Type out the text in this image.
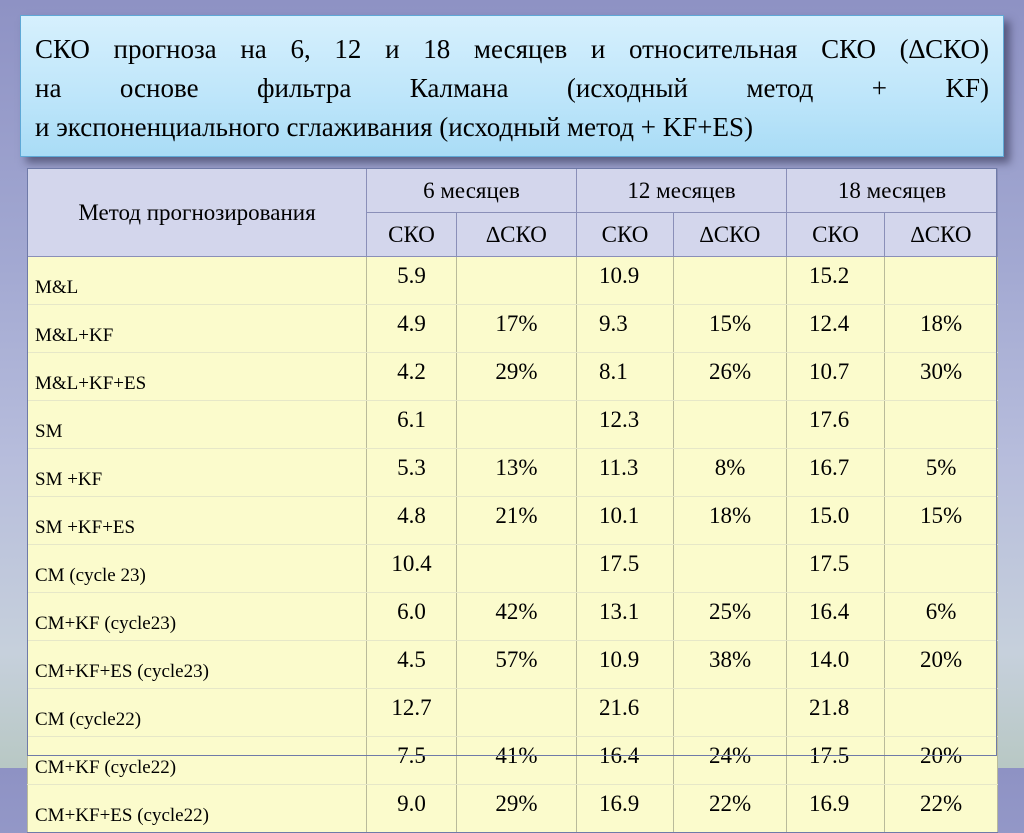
СКО прогноза на 6, 12 и 18 месяцев и относительная СКО (∆СКО)
на основе фильтра Калмана (исходный метод + KF)
и экспоненциального сглаживания (исходный метод + KF+ES)
Метод прогнозирования	6 месяцев		12 месяцев		18 месяцев	
	СКО	∆СКО	СКО	∆СКО	СКО	∆СКО
M&L	5.9		10.9		15.2	
M&L+KF	4.9	17%	9.3	15%	12.4	18%
M&L+KF+ES	4.2	29%	8.1	26%	10.7	30%
SM	6.1		12.3		17.6	
SM +KF	5.3	13%	11.3	8%	16.7	5%
SM +KF+ES	4.8	21%	10.1	18%	15.0	15%
CM (cycle 23)	10.4		17.5		17.5	
CM+KF (cycle23)	6.0	42%	13.1	25%	16.4	6%
CM+KF+ES (cycle23)	4.5	57%	10.9	38%	14.0	20%
CM (cycle22)	12.7		21.6		21.8	
CM+KF (cycle22)	7.5	41%	16.4	24%	17.5	20%
CM+KF+ES (cycle22)	9.0	29%	16.9	22%	16.9	22%
